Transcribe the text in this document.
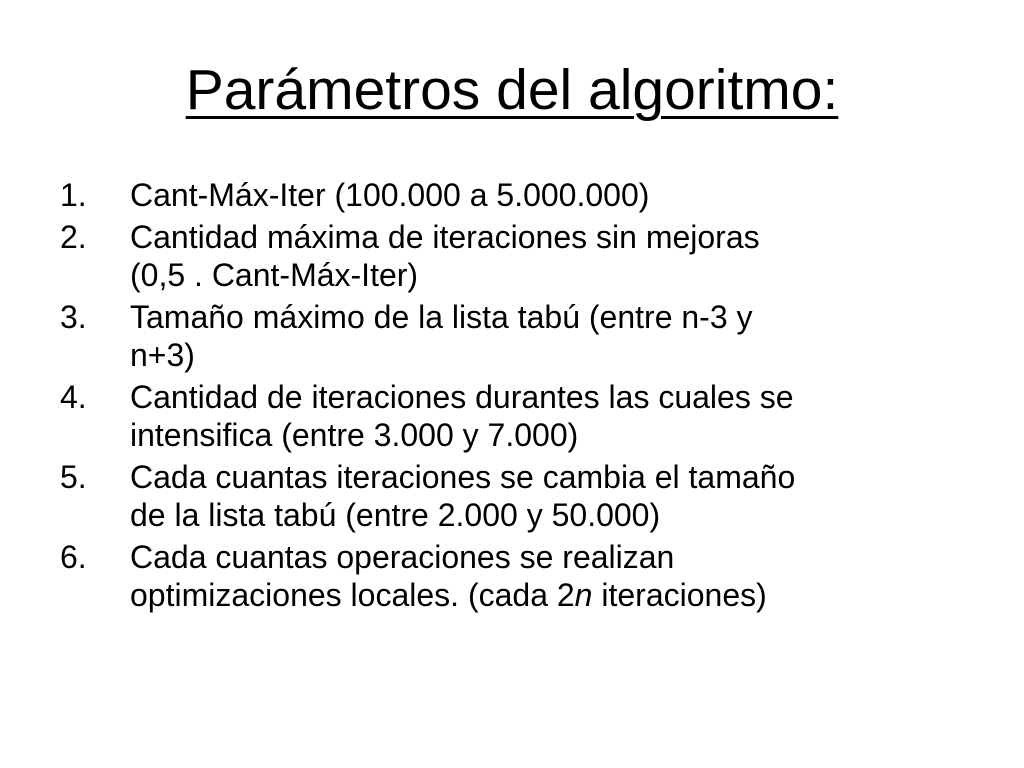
Parámetros del algoritmo:
1.	Cant-Máx-Iter (100.000 a 5.000.000)
2.	Cantidad máxima de iteraciones sin mejoras
(0,5 . Cant-Máx-Iter)
3.	Tamaño máximo de la lista tabú (entre n-3 y
n+3)
4.	Cantidad de iteraciones durantes las cuales se
intensifica (entre 3.000 y 7.000)
5.	Cada cuantas iteraciones se cambia el tamaño
de la lista tabú (entre 2.000 y 50.000)
6.	Cada cuantas operaciones se realizan
optimizaciones locales. (cada 2n iteraciones)
